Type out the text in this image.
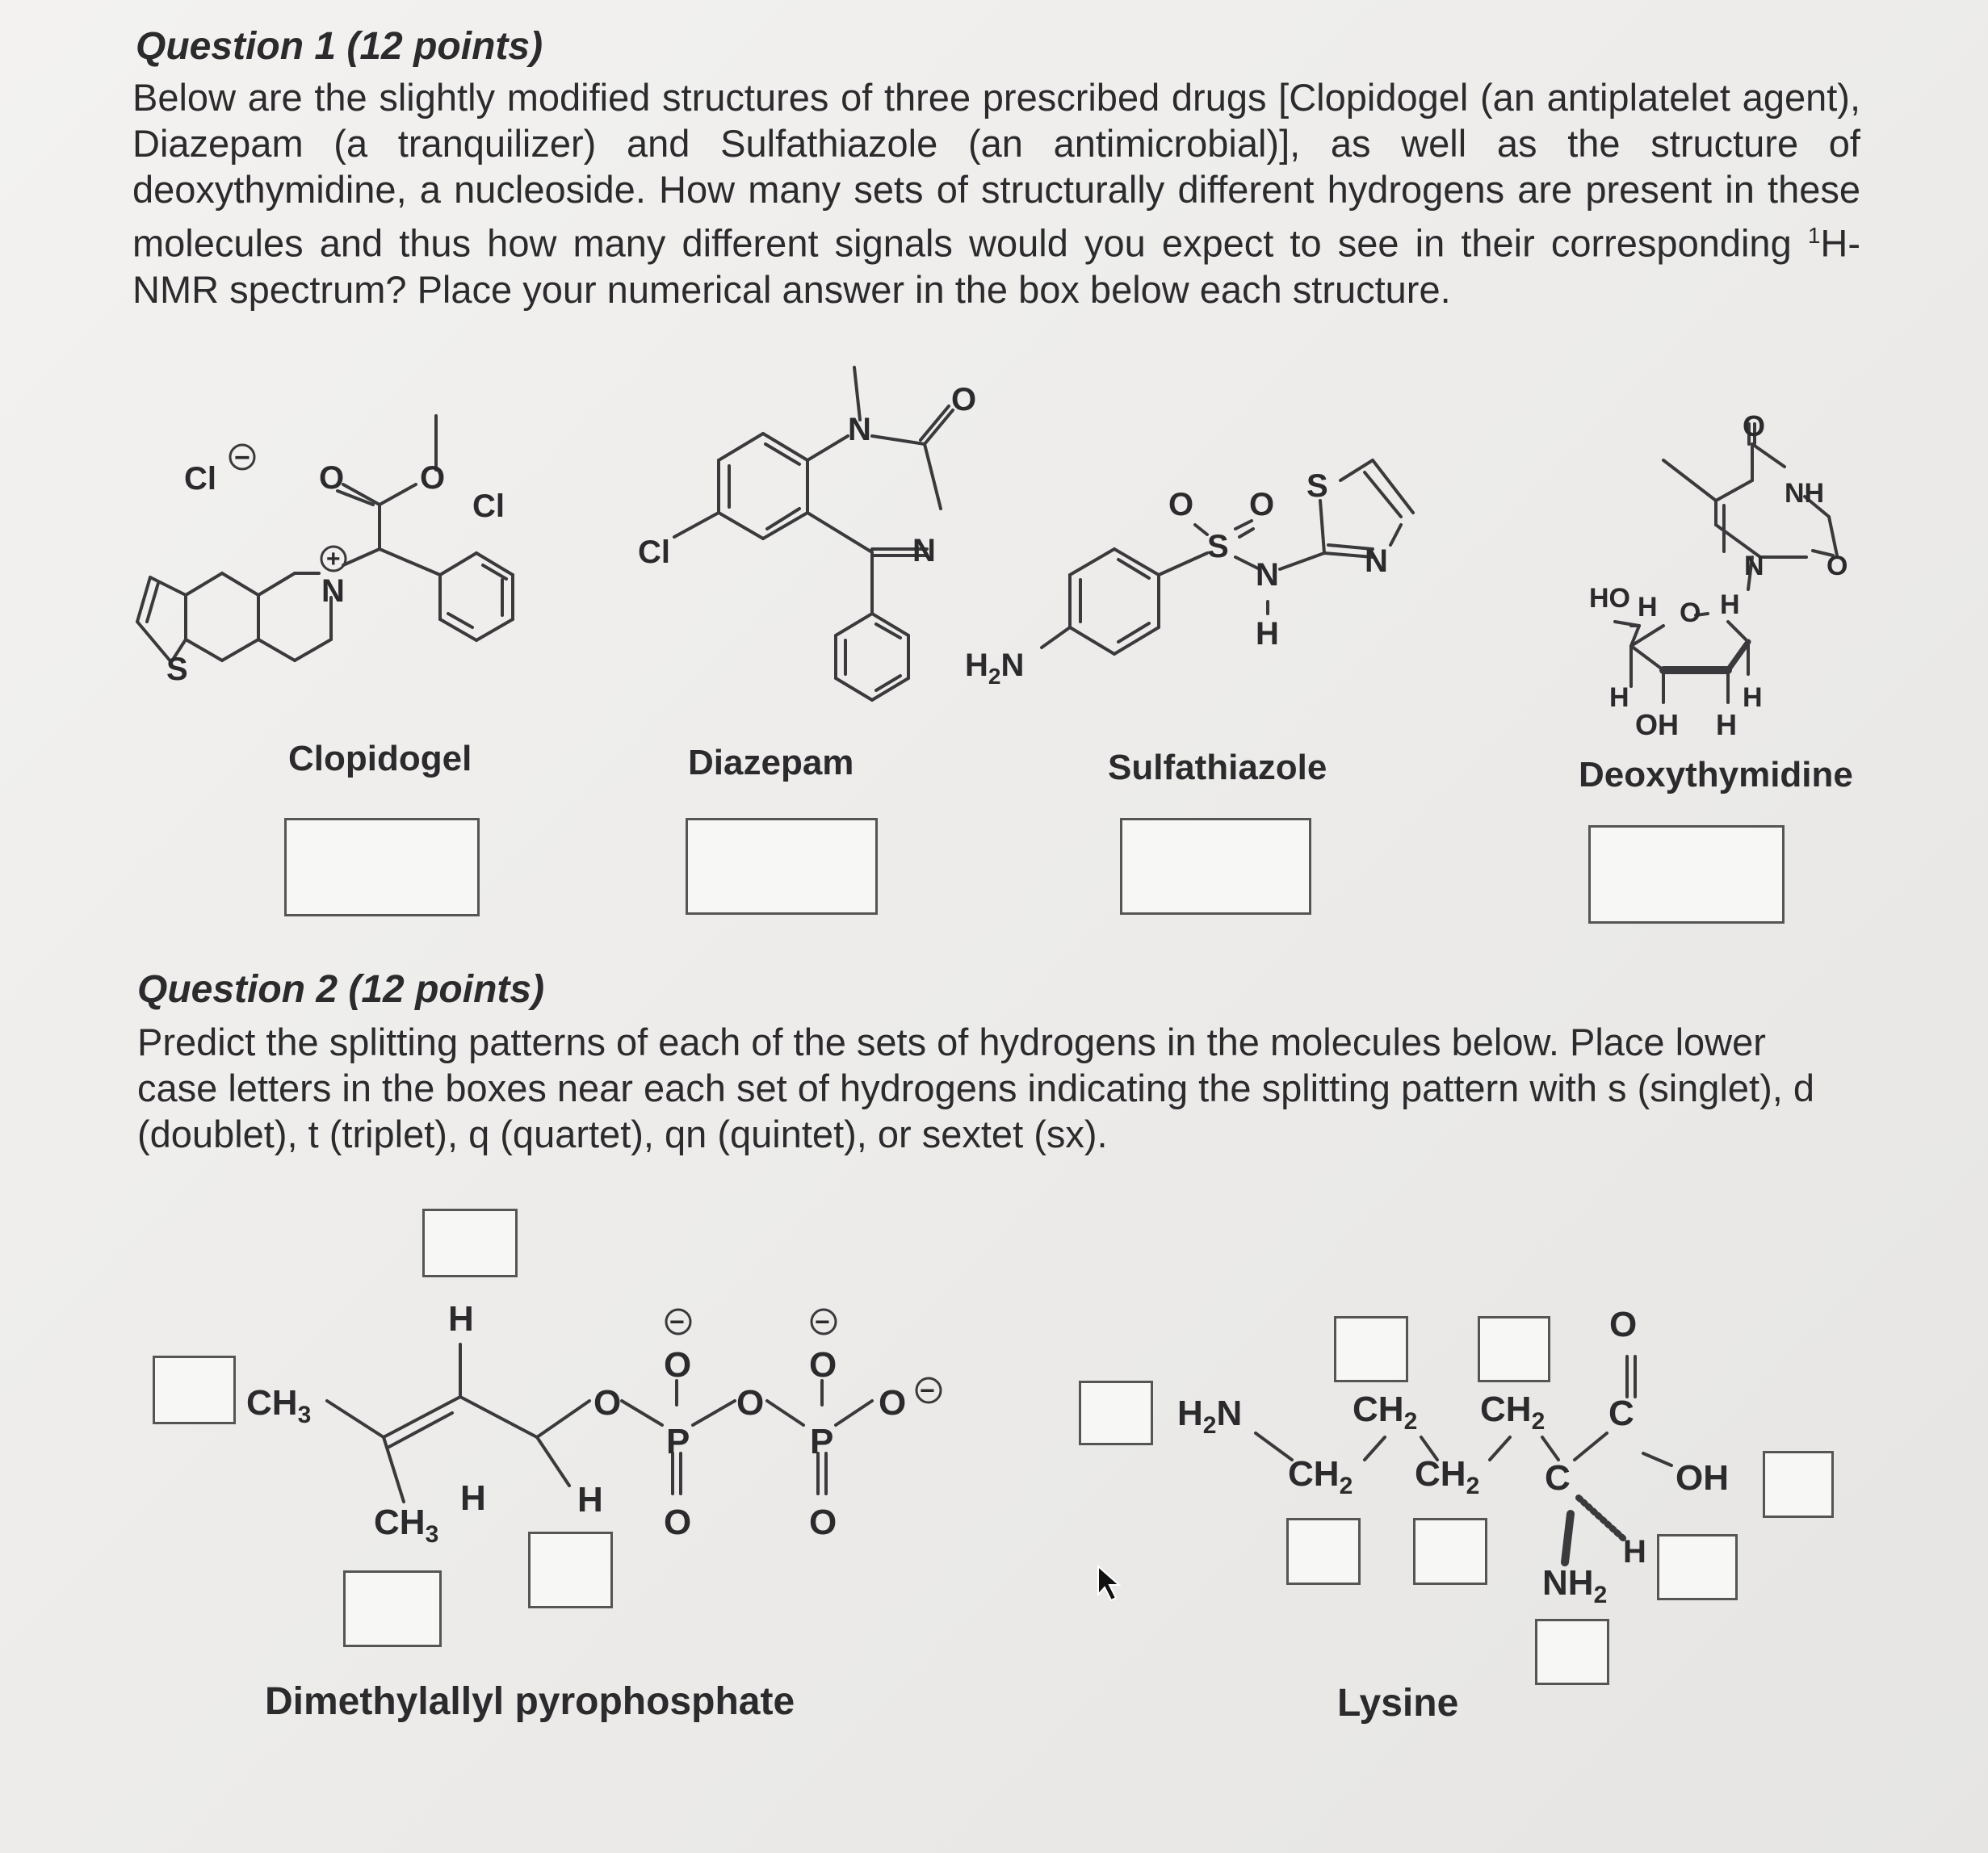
Question 1 (12 points)

Below are the slightly modified structures of three prescribed drugs [Clopidogel (an antiplatelet agent), Diazepam (a tranquilizer) and Sulfathiazole (an antimicrobial)], as well as the structure of deoxythymidine, a nucleoside. How many sets of structurally different hydrogens are present in these molecules and thus how many different signals would you expect to see in their corresponding $^1$H-NMR spectrum? Place your numerical answer in the box below each structure.

Clopidogel	Diazepam	Sulfathiazole	Deoxythymidine
Question 2 (12 points)

Predict the splitting patterns of each of the sets of hydrogens in the molecules below. Place lower case letters in the boxes near each set of hydrogens indicating the splitting pattern with s (singlet), d (doublet), t (triplet), q (quartet), qn (quintet), or sextet (sx).

Dimethylallyl pyrophosphate	Lysine
Cl
−
O O
Cl
N
+
S
Cl
N
O
N
O O
S
N
H
S
N
$H_2N$
O
NH
O
N
HO H O H
H	H
OH H
H
$CH_3$
$CH_3$
H	H
O
P
O
P
O
O	O
O	O
−	−
−
$H_2N$	$CH_2$ $CH_2$
$CH_2$ $CH_2$
C
O
C	OH
H
$NH_2$
